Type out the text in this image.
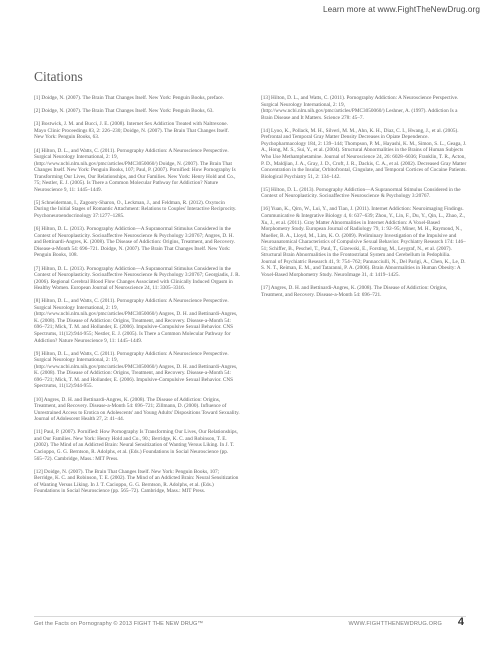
Learn more at www.FightTheNewDrug.org
Citations

[1] Doidge, N. (2007). The Brain That Changes Itself. New York: Penguin Books, preface.

[2] Doidge, N. (2007). The Brain That Changes Itself. New York: Penguin Books, 63.

[3] Bostwick, J. M. and Bucci, J. E. (2008). Internet Sex Addiction Treated with Naltrexone. Mayo Clinic Proceedings 83, 2: 226–230; Doidge, N. (2007). The Brain That Changes Itself. New York: Penguin Books, 63.

[4] Hilton, D. L., and Watts, C. (2011). Pornography Addiction: A Neuroscience Perspective. Surgical Neurology International, 2: 19, (http://www.ncbi.nlm.nih.gov/pmc/articles/PMC3050060/) Doidge, N. (2007). The Brain That Changes Itself. New York: Penguin Books, 107; Paul, P. (2007). Pornified: How Pornography Is Transforming Our Lives, Our Relationships, and Our Families. New York: Henry Hold and Co., 75; Nestler, E. J. (2005). Is There a Common Molecular Pathway for Addiction? Nature Neuroscience 9, 11: 1445–1449.

[5] Schneiderman, I., Zagoory-Sharon, O., Leckman, J., and Feldman, R. (2012). Oxytocin During the Initial Stages of Romantic Attachment: Relations to Couples' Interactive Reciprocity. Psychoneuroendocrinology 37:1277–1285.

[6] Hilton, D. L. (2013). Pornography Addiction—A Supranormal Stimulus Considered in the Context of Neuroplasticity. Socioaffective Neuroscience & Psychology 3:20767; Angres, D. H. and Bettinardi-Angres, K. (2008). The Disease of Addiction: Origins, Treatment, and Recovery. Disease-a-Month 54: 696–721. Doidge, N. (2007). The Brain That Changes Itself. New York: Penguin Books, 108.

[7] Hilton, D. L. (2013). Pornography Addiction—A Supranormal Stimulus Considered in the Context of Neuroplasticity. Socioaffective Neuroscience & Psychology 3:20767; Georgiadis, J. R. (2006). Regional Cerebral Blood Flow Changes Associated with Clinically Induced Orgasm in Healthy Women. European Journal of Neuroscience 24, 11: 3305–3316.

[8] Hilton, D. L., and Watts, C. (2011). Pornography Addiction: A Neuroscience Perspective. Surgical Neurology International, 2: 19, (http://www.ncbi.nlm.nih.gov/pmc/articles/PMC3050060/) Angres, D. H. and Bettinardi-Angres, K. (2008). The Disease of Addiction: Origins, Treatment, and Recovery. Disease-a-Month 54: 696–721; Mick, T. M. and Hollander, E. (2006). Impulsive-Compulsive Sexual Behavior. CNS Spectrums, 11(12):944-955; Nestler, E. J. (2005). Is There a Common Molecular Pathway for Addiction? Nature Neuroscience 9, 11: 1445–1449.

[9] Hilton, D. L., and Watts, C. (2011). Pornography Addiction: A Neuroscience Perspective. Surgical Neurology International, 2: 19, (http://www.ncbi.nlm.nih.gov/pmc/articles/PMC3050060/) Angres, D. H. and Bettinardi-Angres, K. (2008). The Disease of Addiction: Origins, Treatment, and Recovery. Disease-a-Month 54: 696–721; Mick, T. M. and Hollander, E. (2006). Impulsive-Compulsive Sexual Behavior. CNS Spectrums, 11(12):944-955.

[10] Angres, D. H. and Bettinardi-Angres, K. (2008). The Disease of Addiction: Origins, Treatment, and Recovery. Disease-a-Month 54: 696–721; Zillmann, D. (2000). Influence of Unrestrained Access to Erotica on Adolescents' and Young Adults' Dispositions Toward Sexuality. Journal of Adolescent Health 27, 2: 41–44.

[11] Paul, P. (2007). Pornified: How Pornography Is Transforming Our Lives, Our Relationships, and Our Families. New York: Henry Hold and Co., 90.; Berridge, K. C. and Robinson, T. E. (2002). The Mind of an Addicted Brain: Neural Sensitization of Wanting Versus Liking. In J. T. Cacioppo, G. G. Berntson, R. Adolphs, et al. (Eds.) Foundations in Social Neuroscience (pp. 565–72). Cambridge, Mass.: MIT Press.

[12] Doidge, N. (2007). The Brain That Changes Itself. New York: Penguin Books, 107; Berridge, K. C. and Robinson, T. E. (2002). The Mind of an Addicted Brain: Neural Sensitization of Wanting Versus Liking. In J. T. Cacioppo, G. G. Berntson, R. Adolphs, et al. (Eds.) Foundations in Social Neuroscience (pp. 565–72). Cambridge, Mass.: MIT Press.

[13] Hilton, D. L., and Watts, C. (2011). Pornography Addiction: A Neuroscience Perspective. Surgical Neurology International, 2: 19, (http://www.ncbi.nlm.nih.gov/pmc/articles/PMC3050060/) Leshner, A. (1997). Addiction Is a Brain Disease and It Matters. Science 278: 45–7.

[14] Lyoo, K., Pollack, M. H., Silveri, M. M., Ahn, K. H., Diaz, C. I., Hwang, J., et al. (2005). Prefrontal and Temporal Gray Matter Density Decreases in Opiate Dependence. Psychopharmacology 184, 2: 139–144; Thompson, P. M., Hayashi, K. M., Simon, S. L., Geaga, J. A., Hong, M. S., Sui, Y., et al. (2004). Structural Abnormalities in the Brains of Human Subjects Who Use Methamphetamine. Journal of Neuroscience 24, 26: 6028–6036; Franklin, T. R., Acton, P. D., Maldjian, J. A., Gray, J. D., Croft, J. R., Dackis, C. A., et al. (2002). Decreased Gray Matter Concentration in the Insular, Orbitofrontal, Cingulate, and Temporal Cortices of Cocaine Patients. Biological Psychiatry 51, 2: 134–142.

[15] Hilton, D. L. (2013). Pornography Addiction—A Supranormal Stimulus Considered in the Context of Neuroplasticity. Socioaffective Neuroscience & Psychology 3:20767.

[16] Yuan, K., Qirn, W., Lui, Y., and Tian, J. (2011). Internet Addiction: Neuroimaging Findings. Communicative & Integrative Biology 4, 6: 637–639; Zhou, Y., Lin, F., Du, Y., Qin, L., Zhao, Z., Xu, J., et al. (2011). Gray Matter Abnormalities in Internet Addiction: A Voxel-Based Morphometry Study. European Journal of Radiology 79, 1: 92–95; Miner, M. H., Raymond, N., Mueller, B. A., Lloyd, M., Lim, K. O. (2009). Preliminary Investigation of the Impulsive and Neuroanatomical Characteristics of Compulsive Sexual Behavior. Psychiatry Research 174: 146–51; Schiffer, B., Peschel, T., Paul, T., Gizewski, E., Forsting, M., Leygraf, N., et al. (2007). Structural Brain Abnormalities in the Frontostriatal System and Cerebellum in Pedophilia. Journal of Psychiatric Research 41, 9: 754–762; Pannacciulli, N., Del Parigi, A., Chen, K., Le, D. S. N. T., Reiman, E. M., and Tataranni, P. A. (2006). Brain Abnormalities in Human Obesity: A Voxel-Based Morphometry Study. NeuroImage 31, 4: 1419–1425.

[17] Angres, D. H. and Bettinardi-Angres, K. (2008). The Disease of Addiction: Origins, Treatment, and Recovery. Disease-a-Month 54: 696–721.

Get the Facts on Pornography © 2013 FIGHT THE NEW DRUG™	WWW.FIGHTTHENEWDRUG.ORG 4
